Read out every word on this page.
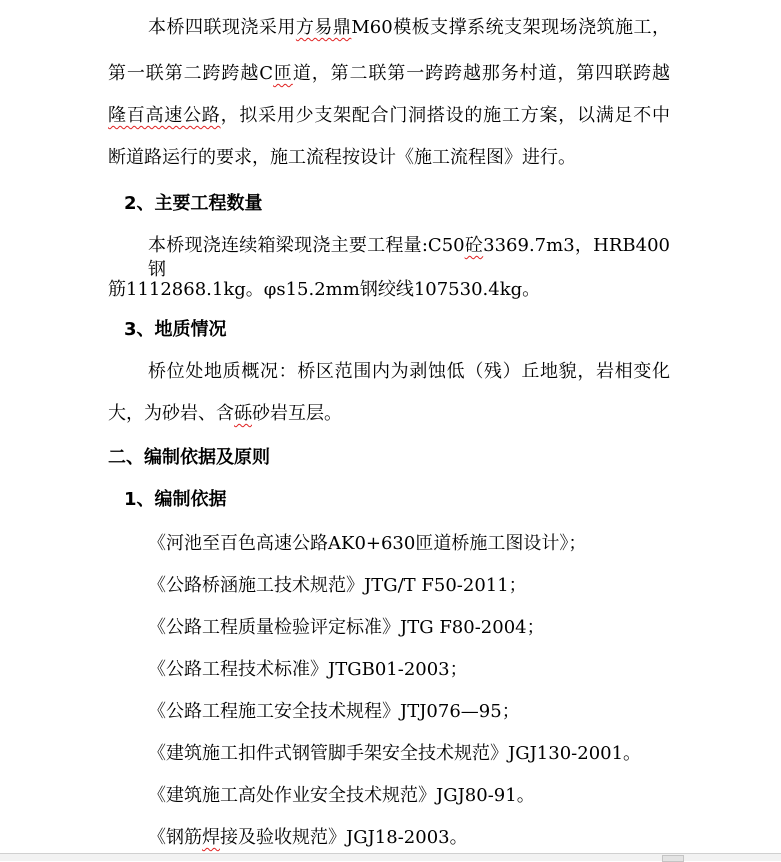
本桥四联现浇采用方易鼎M60模板支撑系统支架现场浇筑施工，
第一联第二跨跨越C匝道，第二联第一跨跨越那务村道，第四联跨越
隆百高速公路，拟采用少支架配合门洞搭设的施工方案，以满足不中
断道路运行的要求，施工流程按设计《施工流程图》进行。
2、主要工程数量
本桥现浇连续箱梁现浇主要工程量:C50砼3369.7m3，HRB400钢
筋1112868.1kg。φs15.2mm钢绞线107530.4kg。
3、地质情况
桥位处地质概况：桥区范围内为剥蚀低（残）丘地貌，岩相变化
大，为砂岩、含砾砂岩互层。
二、编制依据及原则
1、编制依据
《河池至百色高速公路AK0+630匝道桥施工图设计》；
《公路桥涵施工技术规范》JTG/T F50-2011；
《公路工程质量检验评定标准》JTG F80-2004；
《公路工程技术标准》JTGB01-2003；
《公路工程施工安全技术规程》JTJ076—95；
《建筑施工扣件式钢管脚手架安全技术规范》JGJ130-2001。
《建筑施工高处作业安全技术规范》JGJ80-91。
《钢筋焊接及验收规范》JGJ18-2003。
